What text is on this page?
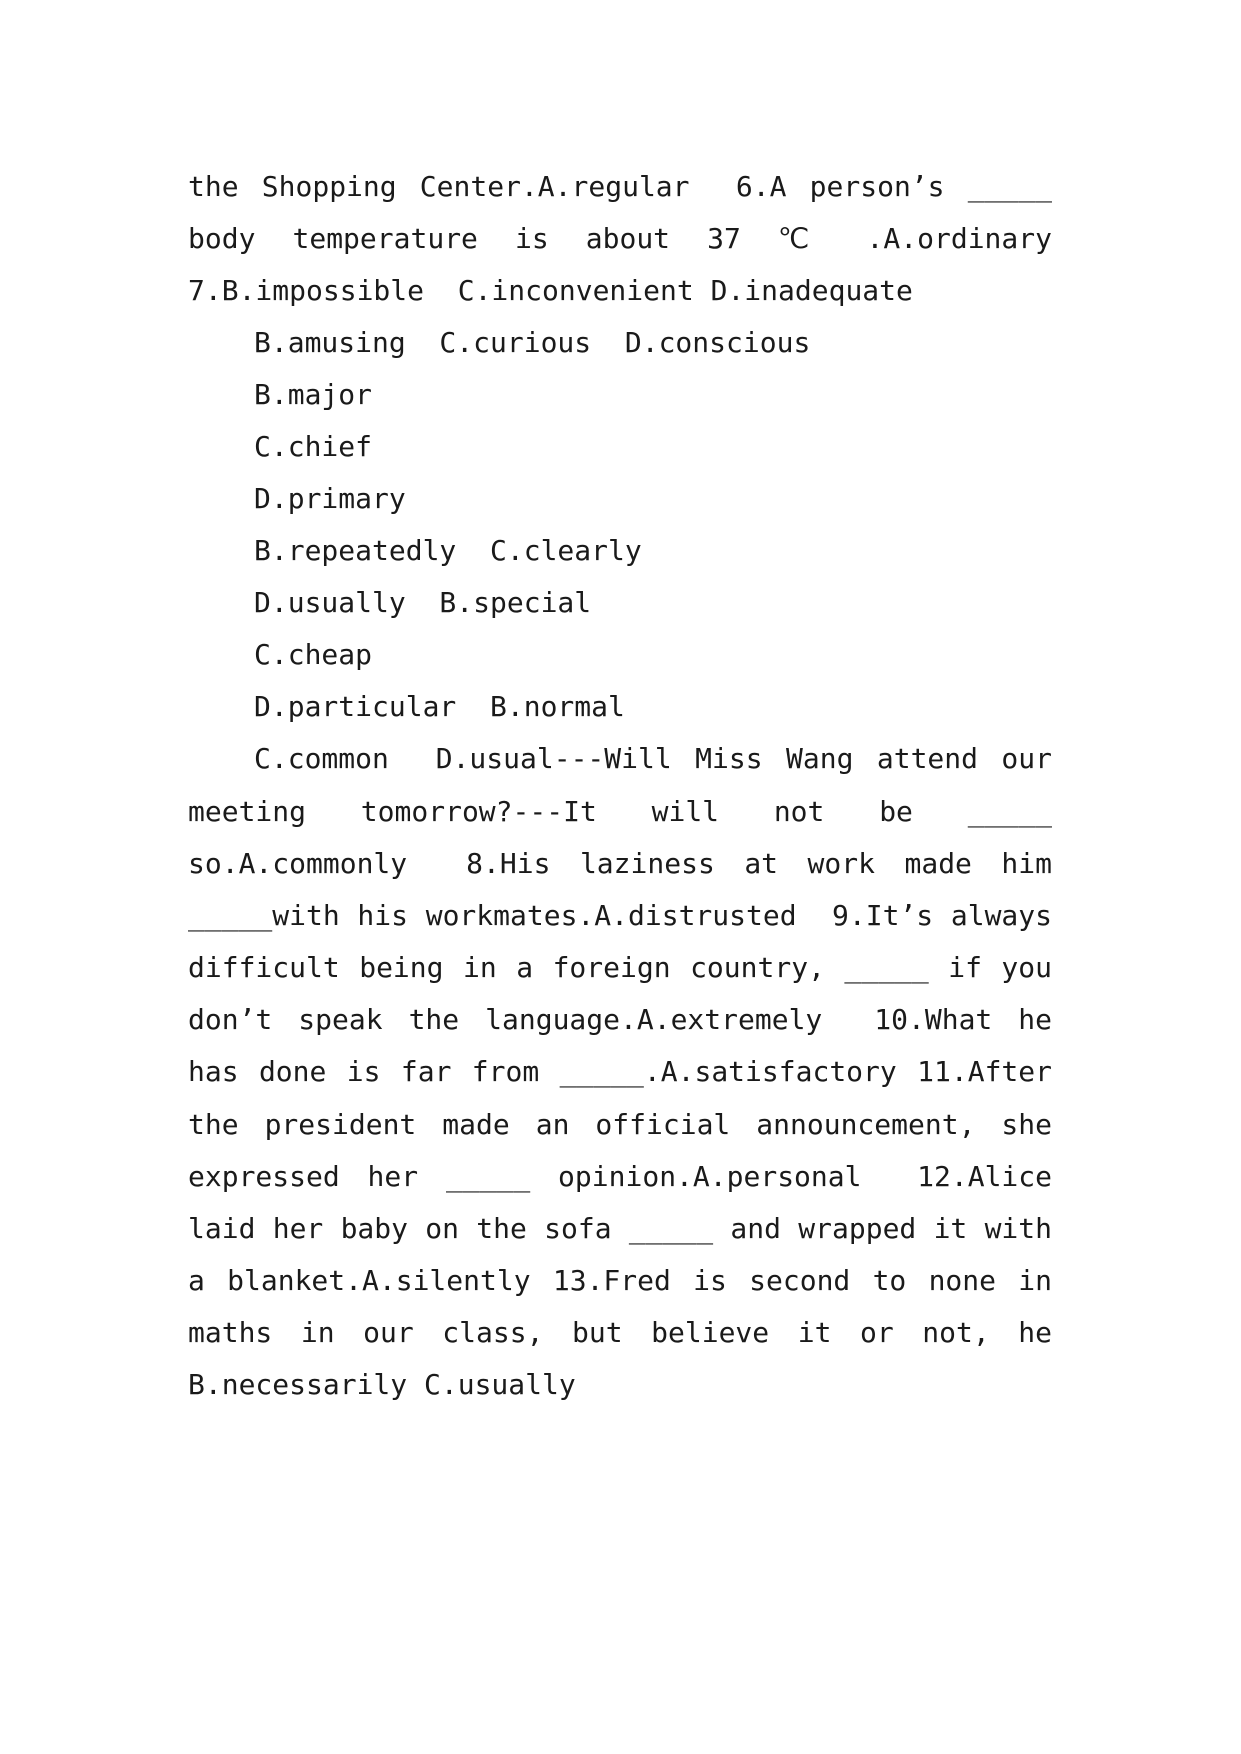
the Shopping Center.A.regular  6.A person’s _____
body temperature is about 37 ℃ .A.ordinary
7.B.impossible  C.inconvenient D.inadequate
B.amusing  C.curious  D.conscious
B.major
C.chief
D.primary
B.repeatedly  C.clearly
D.usually  B.special
C.cheap
D.particular  B.normal
C.common  D.usual---Will Miss Wang attend our
meeting tomorrow?---It will not be _____
so.A.commonly  8.His laziness at work made him
_____with his workmates.A.distrusted  9.It’s always
difficult being in a foreign country, _____ if you
don’t speak the language.A.extremely  10.What he
has done is far from _____.A.satisfactory 11.After
the president made an official announcement, she
expressed her _____ opinion.A.personal  12.Alice
laid her baby on the sofa _____ and wrapped it with
a blanket.A.silently 13.Fred is second to none in
maths in our class, but believe it or not, he
B.necessarily C.usually
